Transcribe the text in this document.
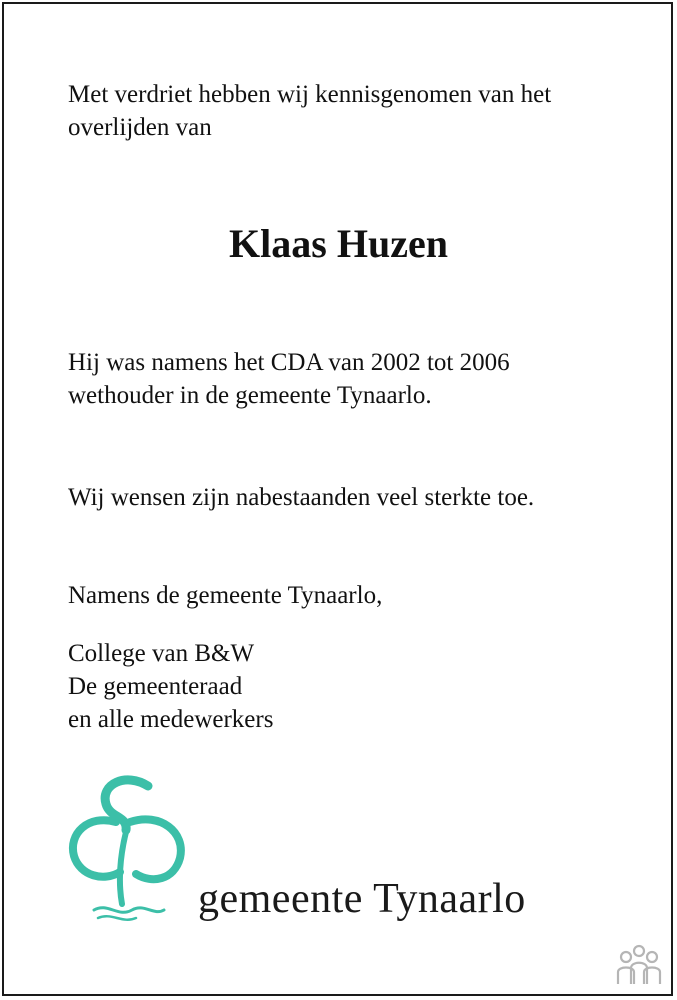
Met verdriet hebben wij kennisgenomen van het
overlijden van
Klaas Huzen
Hij was namens het CDA van 2002 tot 2006
wethouder in de gemeente Tynaarlo.
Wij wensen zijn nabestaanden veel sterkte toe.
Namens de gemeente Tynaarlo,
College van B&W
De gemeenteraad
en alle medewerkers
gemeente Tynaarlo
